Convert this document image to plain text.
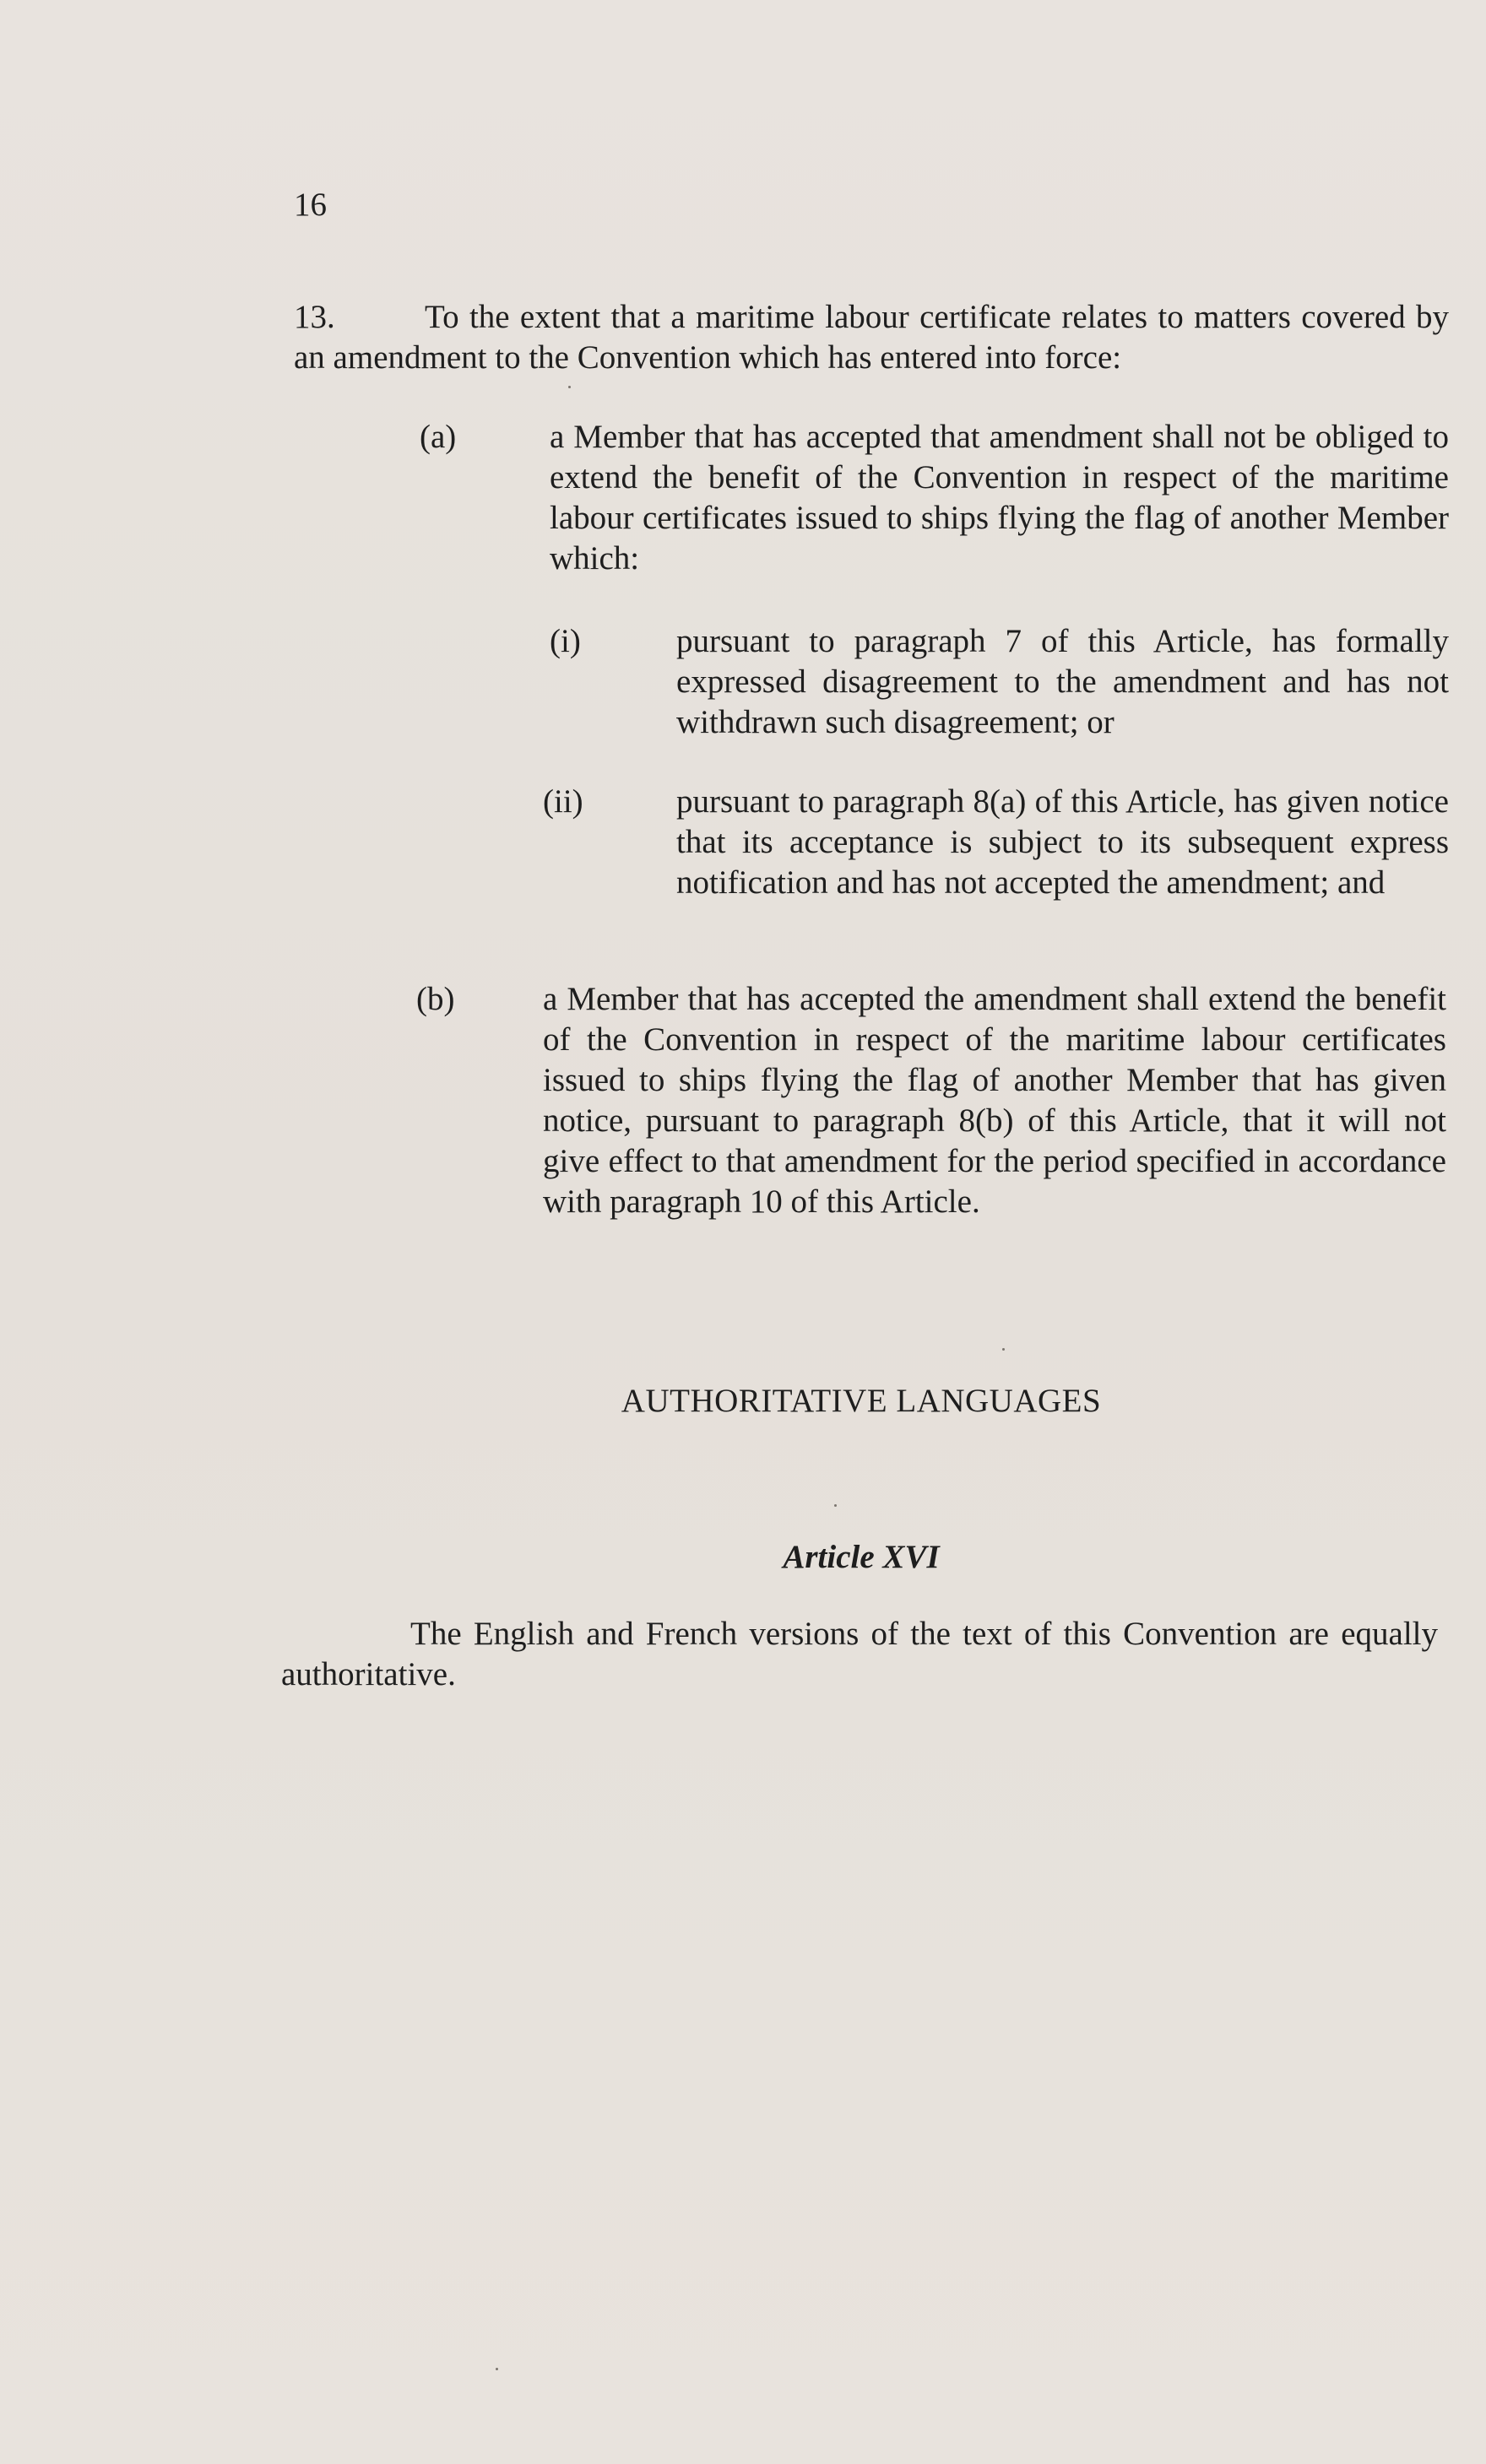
16
13.	To the extent that a maritime labour certificate relates to matters covered by an amendment to the Convention which has entered into force:
(a)	a Member that has accepted that amendment shall not be obliged to extend the benefit of the Convention in respect of the maritime labour certificates issued to ships flying the flag of another Member which:
(i)	pursuant to paragraph 7 of this Article, has formally expressed disagreement to the amendment and has not withdrawn such disagreement; or
(ii)	pursuant to paragraph 8(a) of this Article, has given notice that its acceptance is subject to its subsequent express notification and has not accepted the amendment; and
(b)	a Member that has accepted the amendment shall extend the benefit of the Convention in respect of the maritime labour certificates issued to ships flying the flag of another Member that has given notice, pursuant to paragraph 8(b) of this Article, that it will not give effect to that amendment for the period specified in accordance with paragraph 10 of this Article.
AUTHORITATIVE LANGUAGES
Article XVI
The English and French versions of the text of this Convention are equally authoritative.
